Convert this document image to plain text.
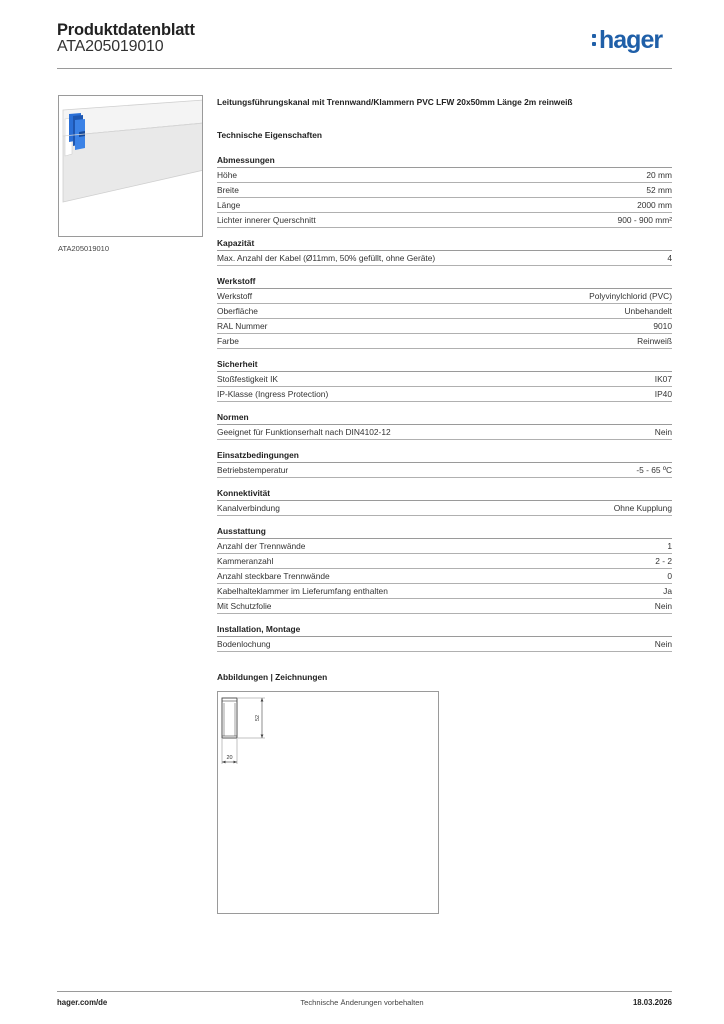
Produktdatenblatt
ATA205019010	hager
ATA205019010
Leitungsführungskanal mit Trennwand/Klammern PVC LFW 20x50mm Länge 2m reinweiß
Technische Eigenschaften
Abmessungen
Höhe	20 mm
Breite	52 mm
Länge	2000 mm
Lichter innerer Querschnitt	900 - 900 mm²
Kapazität
Max. Anzahl der Kabel (Ø11mm, 50% gefüllt, ohne Geräte)	4
Werkstoff
Werkstoff	Polyvinylchlorid (PVC)
Oberfläche	Unbehandelt
RAL Nummer	9010
Farbe	Reinweiß
Sicherheit
Stoßfestigkeit IK	IK07
IP-Klasse (Ingress Protection)	IP40
Normen
Geeignet für Funktionserhalt nach DIN4102-12	Nein
Einsatzbedingungen
Betriebstemperatur	-5 - 65 ºC
Konnektivität
Kanalverbindung	Ohne Kupplung
Ausstattung
Anzahl der Trennwände	1
Kammeranzahl	2 - 2
Anzahl steckbare Trennwände	0
Kabelhalteklammer im Lieferumfang enthalten	Ja
Mit Schutzfolie	Nein
Installation, Montage
Bodenlochung	Nein
Abbildungen | Zeichnungen
52
20
hager.com/de	Technische Änderungen vorbehalten	18.03.2026
